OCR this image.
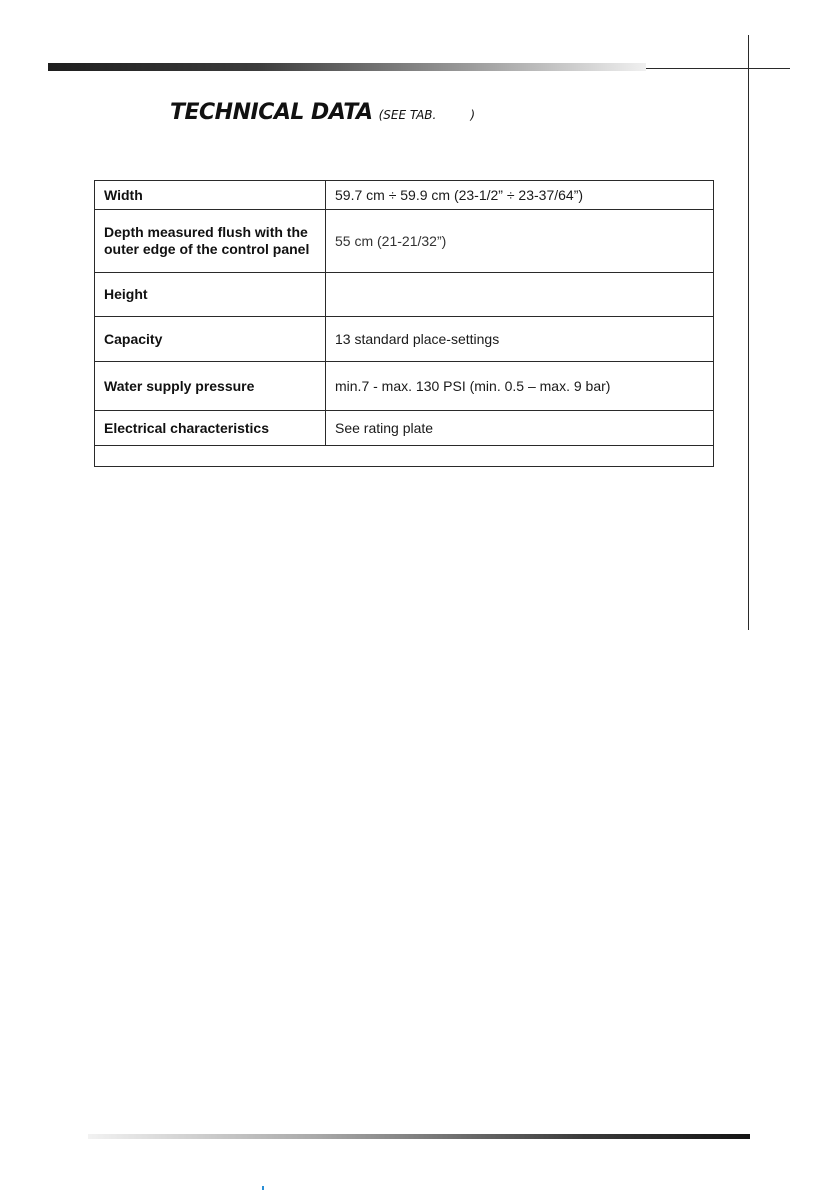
TECHNICAL DATA (SEE TAB.	)
Width	59.7 cm ÷ 59.9 cm (23-1/2” ÷ 23-37/64”)
Depth measured flush with the outer edge of the control panel	55 cm (21-21/32”)
Height	
Capacity	13 standard place-settings
Water supply pressure	min.7 - max. 130 PSI (min. 0.5 – max. 9 bar)
Electrical characteristics	See rating plate
